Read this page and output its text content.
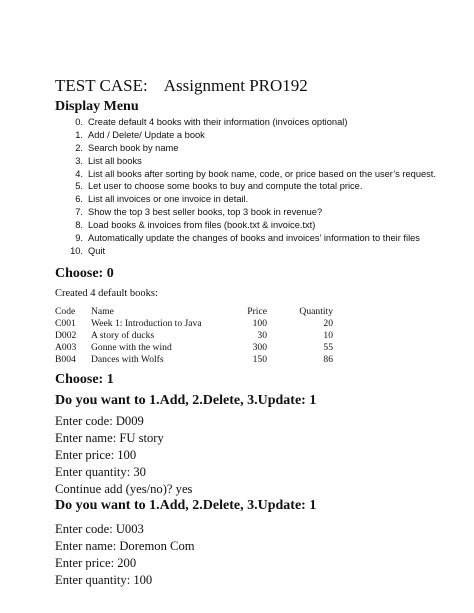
TEST CASE: Assignment PRO192
Display Menu
0. Create default 4 books with their information (invoices optional)
1. Add / Delete/ Update a book
2. Search book by name
3. List all books
4. List all books after sorting by book name, code, or price based on the user’s request.
5. Let user to choose some books to buy and compute the total price.
6. List all invoices or one invoice in detail.
7. Show the top 3 best seller books, top 3 book in revenue?
8. Load books & invoices from files (book.txt & invoice.txt)
9. Automatically update the changes of books and invoices’ information to their files
10. Quit
Choose: 0
Created 4 default books:
Code	Name	Price	Quantity
C001	Week 1: Introduction to Java	100	20
D002	A story of ducks	30	10
A003	Gonne with the wind	300	55
B004	Dances with Wolfs	150	86
Choose: 1
Do you want to 1.Add, 2.Delete, 3.Update: 1
Enter code: D009
Enter name: FU story
Enter price: 100
Enter quantity: 30
Continue add (yes/no)? yes
Do you want to 1.Add, 2.Delete, 3.Update: 1
Enter code: U003
Enter name: Doremon Com
Enter price: 200
Enter quantity: 100
